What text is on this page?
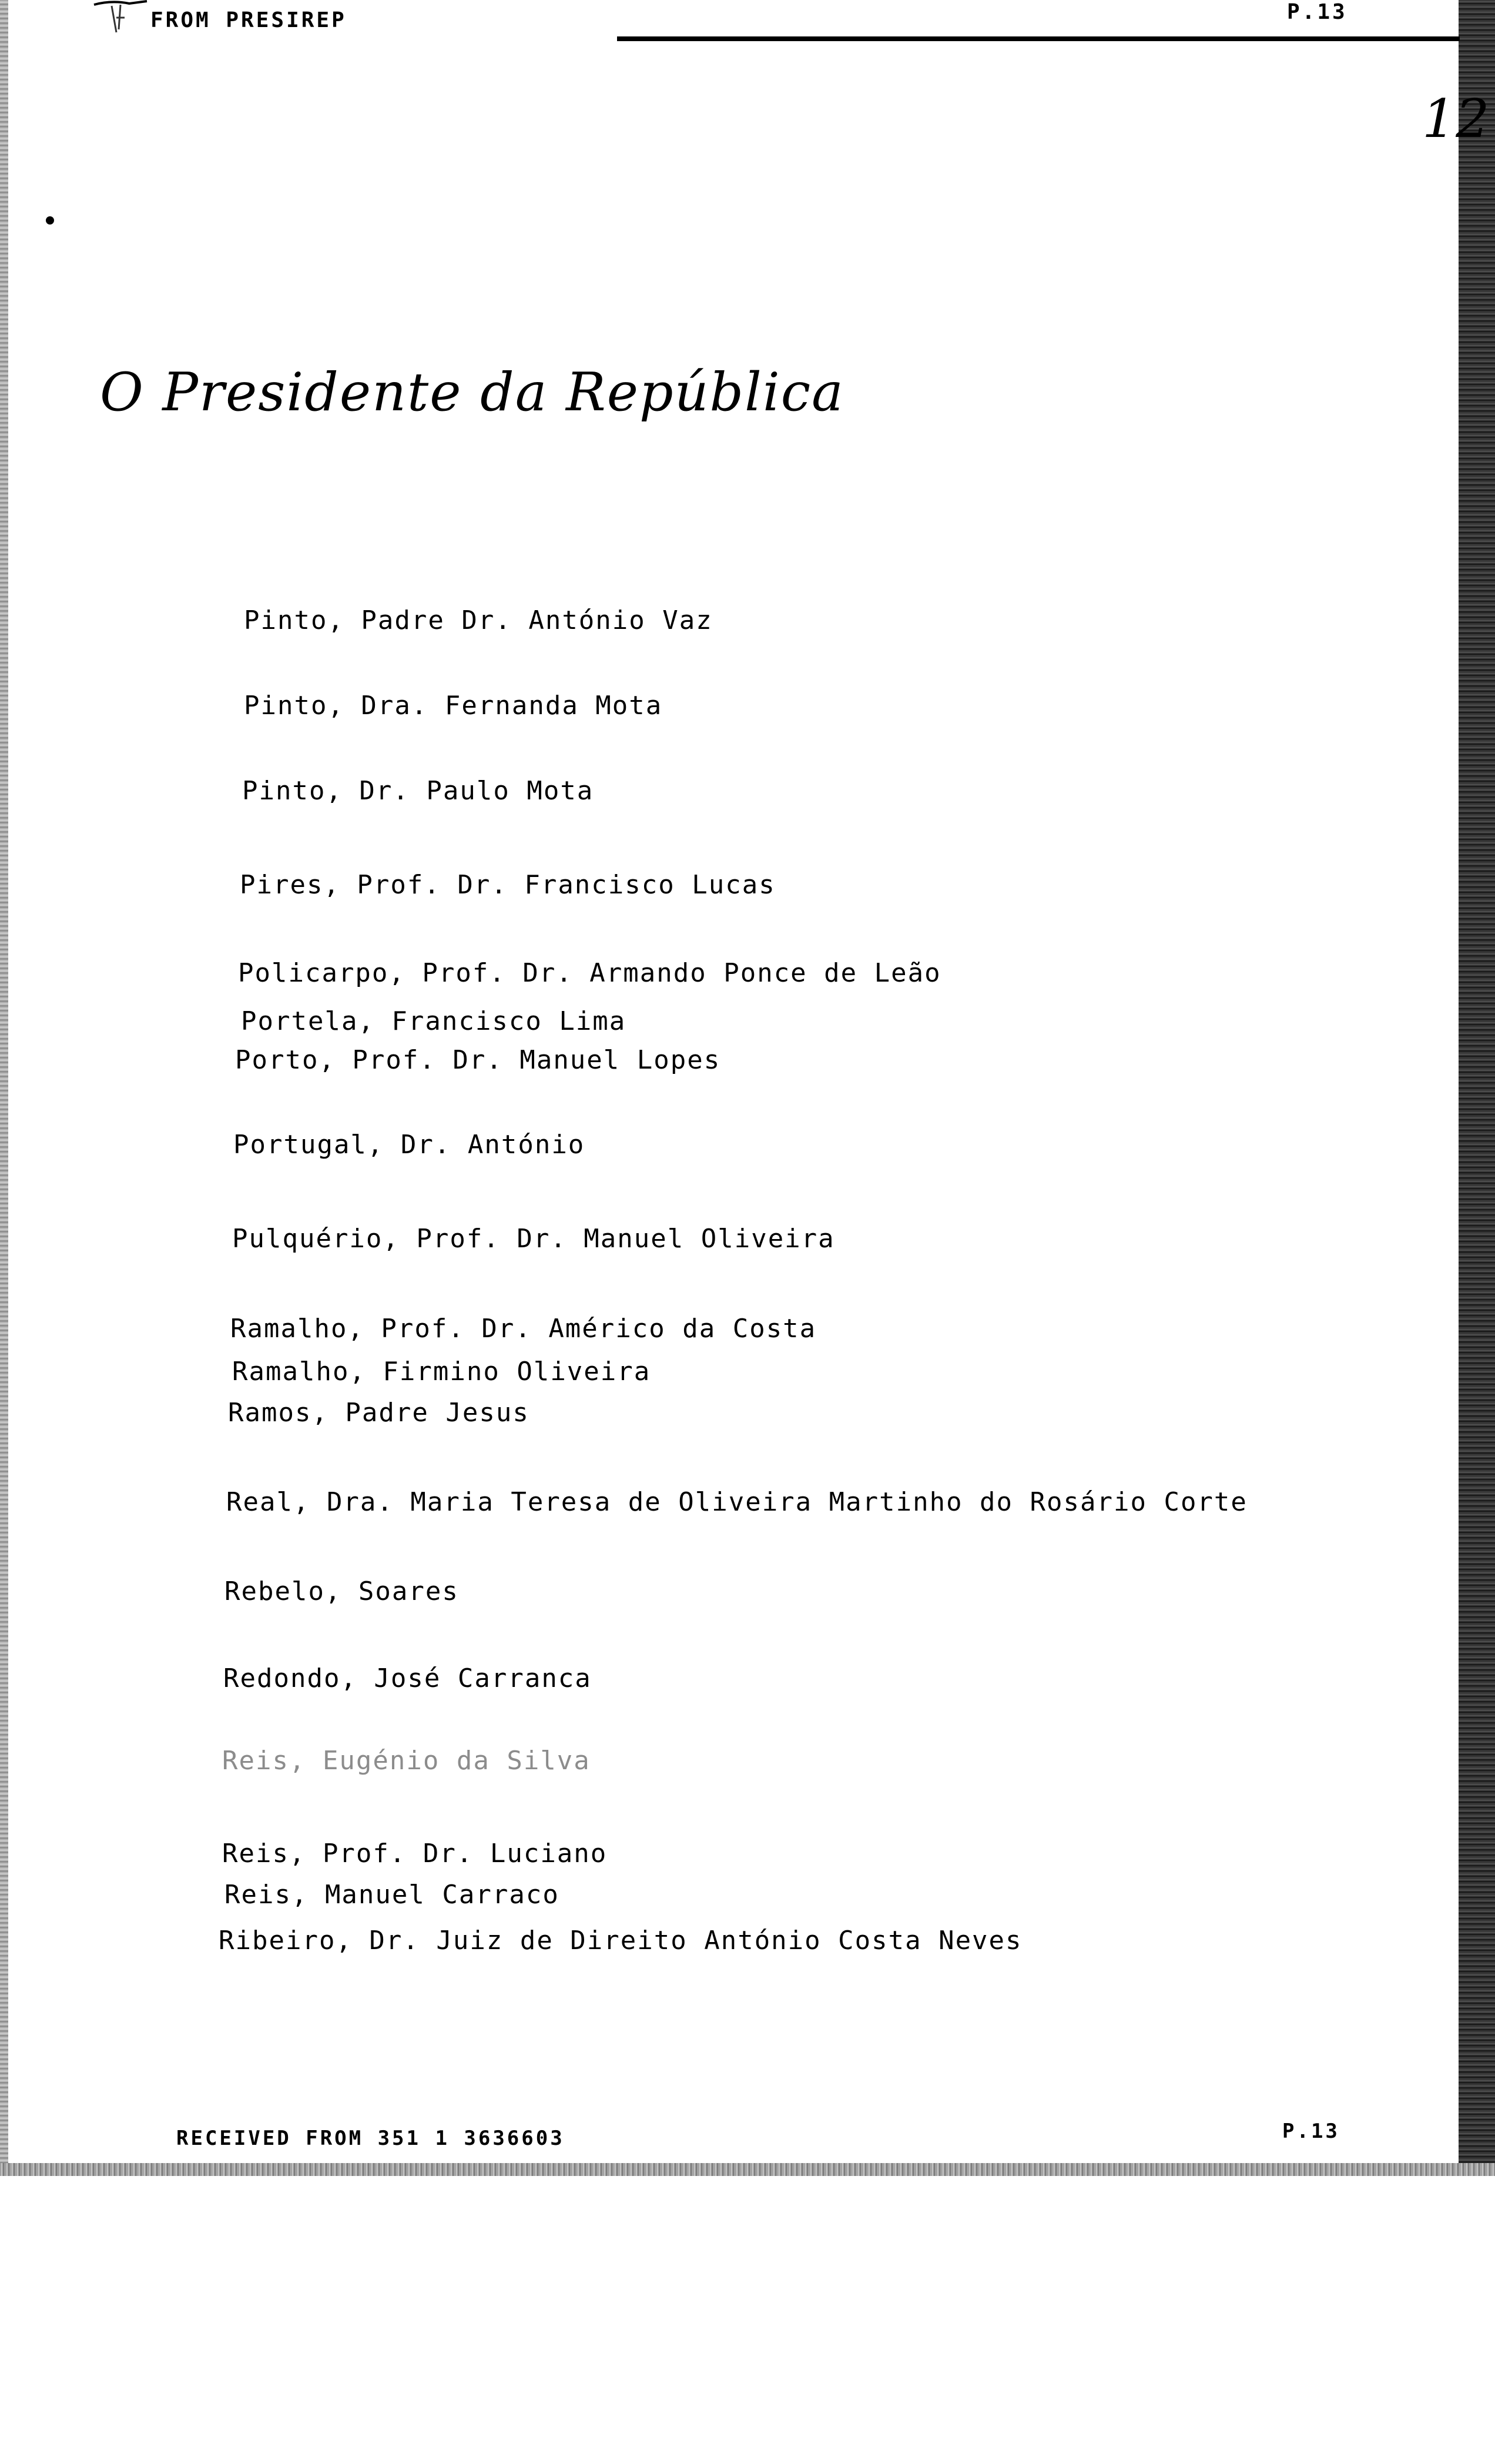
FROM PRESIREP	P.13
12
O Presidente da República
Pinto, Padre Dr. António Vaz
Pinto, Dra. Fernanda Mota
Pinto, Dr. Paulo Mota
Pires, Prof. Dr. Francisco Lucas
Policarpo, Prof. Dr. Armando Ponce de Leão
Portela, Francisco Lima
Porto, Prof. Dr. Manuel Lopes
Portugal, Dr. António
Pulquério, Prof. Dr. Manuel Oliveira
Ramalho, Prof. Dr. Américo da Costa
Ramalho, Firmino Oliveira
Ramos, Padre Jesus
Real, Dra. Maria Teresa de Oliveira Martinho do Rosário Corte
Rebelo, Soares
Redondo, José Carranca
Reis, Eugénio da Silva
Reis, Prof. Dr. Luciano
Reis, Manuel Carraco
Ribeiro, Dr. Juiz de Direito António Costa Neves
RECEIVED FROM 351 1 3636603	P.13
